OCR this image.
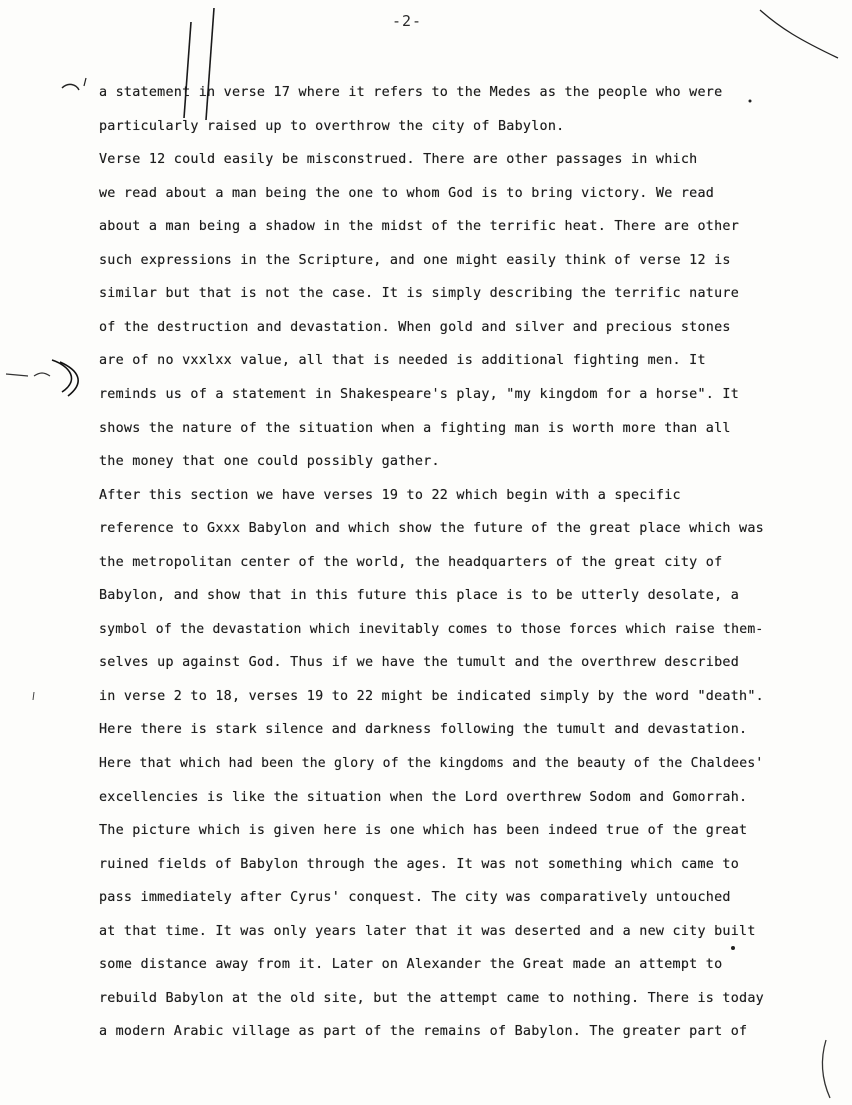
-2-
a statement in verse 17 where it refers to the Medes as the people who were
particularly raised up to overthrow the city of Babylon.
Verse 12 could easily be misconstrued. There are other passages in which
we read about a man being the one to whom God is to bring victory. We read
about a man being a shadow in the midst of the terrific heat. There are other
such expressions in the Scripture, and one might easily think of verse 12 is
similar but that is not the case. It is simply describing the terrific nature
of the destruction and devastation. When gold and silver and precious stones
are of no vxxlxx value, all that is needed is additional fighting men. It
reminds us of a statement in Shakespeare's play, "my kingdom for a horse". It
shows the nature of the situation when a fighting man is worth more than all
the money that one could possibly gather.
After this section we have verses 19 to 22 which begin with a specific
reference to Gxxx Babylon and which show the future of the great place which was
the metropolitan center of the world, the headquarters of the great city of
Babylon, and show that in this future this place is to be utterly desolate, a
symbol of the devastation which inevitably comes to those forces which raise them-
selves up against God. Thus if we have the tumult and the overthrew described
in verse 2 to 18, verses 19 to 22 might be indicated simply by the word "death".
Here there is stark silence and darkness following the tumult and devastation.
Here that which had been the glory of the kingdoms and the beauty of the Chaldees'
excellencies is like the situation when the Lord overthrew Sodom and Gomorrah.
The picture which is given here is one which has been indeed true of the great
ruined fields of Babylon through the ages. It was not something which came to
pass immediately after Cyrus' conquest. The city was comparatively untouched
at that time. It was only years later that it was deserted and a new city built
some distance away from it. Later on Alexander the Great made an attempt to
rebuild Babylon at the old site, but the attempt came to nothing. There is today
a modern Arabic village as part of the remains of Babylon. The greater part of
